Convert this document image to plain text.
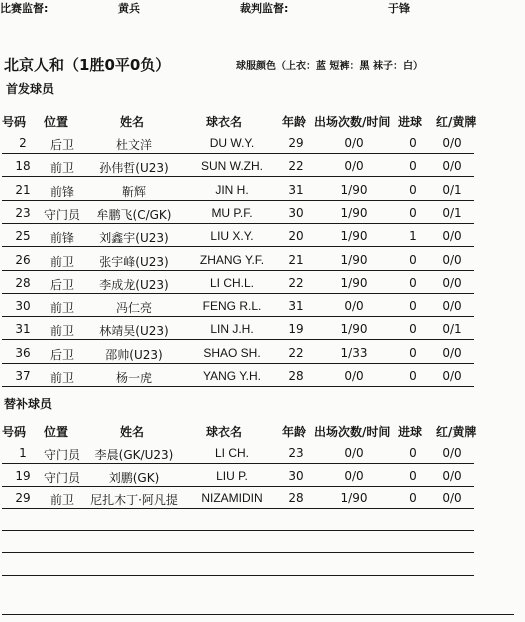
比赛监督:	黄兵	裁判监督:	于锋
北京人和（1胜0平0负）	球服颜色（上衣：蓝 短裤：黑 袜子：白）
首发球员
号码 位置	姓名	球衣名	年龄 出场次数/时间 进球 红/黄牌
2	后卫	杜文洋	DU W.Y.	29	0/0	0	0/0
18	前卫	孙伟哲(U23)	SUN W.ZH.	22	0/0	0	0/0
21	前锋	靳辉	JIN H.	31	1/90	0	0/1
23	守门员	牟鹏飞(C/GK)	MU P.F.	30	1/90	0	0/1
25	前锋	刘鑫宇(U23)	LIU X.Y.	20	1/90	1	0/0
26	前卫	张宇峰(U23)	ZHANG Y.F.	21	1/90	0	0/0
28	后卫	李成龙(U23)	LI CH.L.	22	1/90	0	0/0
30	前卫	冯仁亮	FENG R.L.	31	0/0	0	0/0
31	前卫	林靖昊(U23)	LIN J.H.	19	1/90	0	0/1
36	后卫	邵帅(U23)	SHAO SH.	22	1/33	0	0/0
37	前卫	杨一虎	YANG Y.H.	28	0/0	0	0/0
替补球员
号码 位置	姓名	球衣名	年龄 出场次数/时间 进球 红/黄牌
1	守门员	李晨(GK/U23)	LI CH.	23	0/0	0	0/0
19	守门员	刘鹏(GK)	LIU P.	30	0/0	0	0/0
29	前卫	尼扎木丁·阿凡提	NIZAMIDIN	28	1/90	0	0/0
